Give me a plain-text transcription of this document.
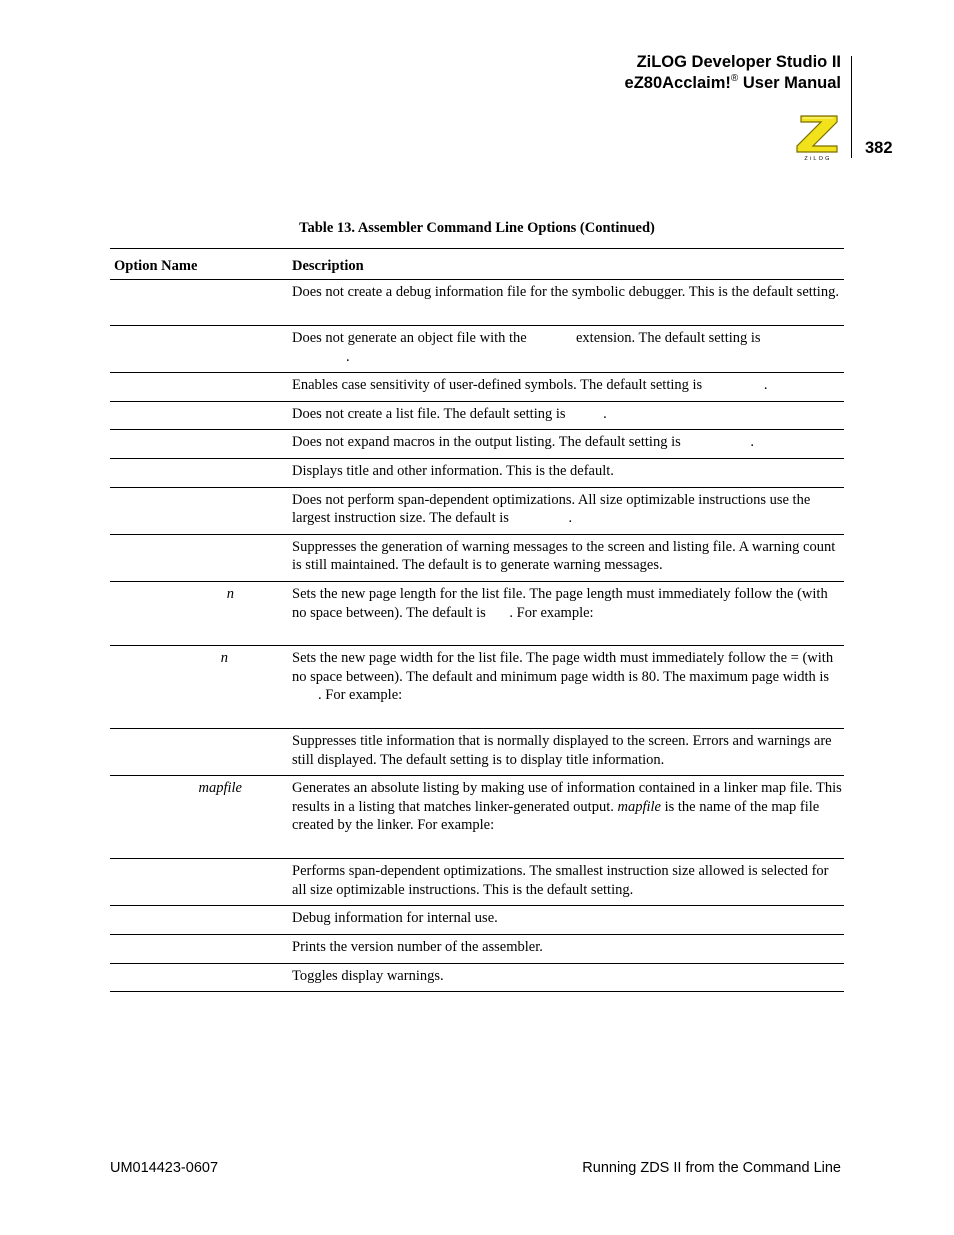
ZiLOG Developer Studio II
eZ80Acclaim!® User Manual
ZiLOG
382
Table 13. Assembler Command Line Options (Continued)
Option Name	Description

	Does not create a debug information file for the symbolic debugger. This is the default setting.

	Does not generate an object file with the extension. The default setting is
.

	Enables case sensitivity of user-defined symbols. The default setting is .

	Does not create a list file. The default setting is .

	Does not expand macros in the output listing. The default setting is .

	Displays title and other information. This is the default.

	Does not perform span-dependent optimizations. All size optimizable instructions use the largest instruction size. The default is .

	Suppresses the generation of warning messages to the screen and listing file. A warning count is still maintained. The default is to generate warning messages.

n	Sets the new page length for the list file. The page length must immediately follow the (with no space between). The default is . For example:

n	Sets the new page width for the list file. The page width must immediately follow the = (with no space between). The default and minimum page width is 80. The maximum page width is . For example:

	Suppresses title information that is normally displayed to the screen. Errors and warnings are still displayed. The default setting is to display title information.

mapfile	Generates an absolute listing by making use of information contained in a linker map file. This results in a listing that matches linker-generated output. mapfile is the name of the map file created by the linker. For example:

	Performs span-dependent optimizations. The smallest instruction size allowed is selected for all size optimizable instructions. This is the default setting.

	Debug information for internal use.

	Prints the version number of the assembler.

	Toggles display warnings.
UM014423-0607	Running ZDS II from the Command Line
